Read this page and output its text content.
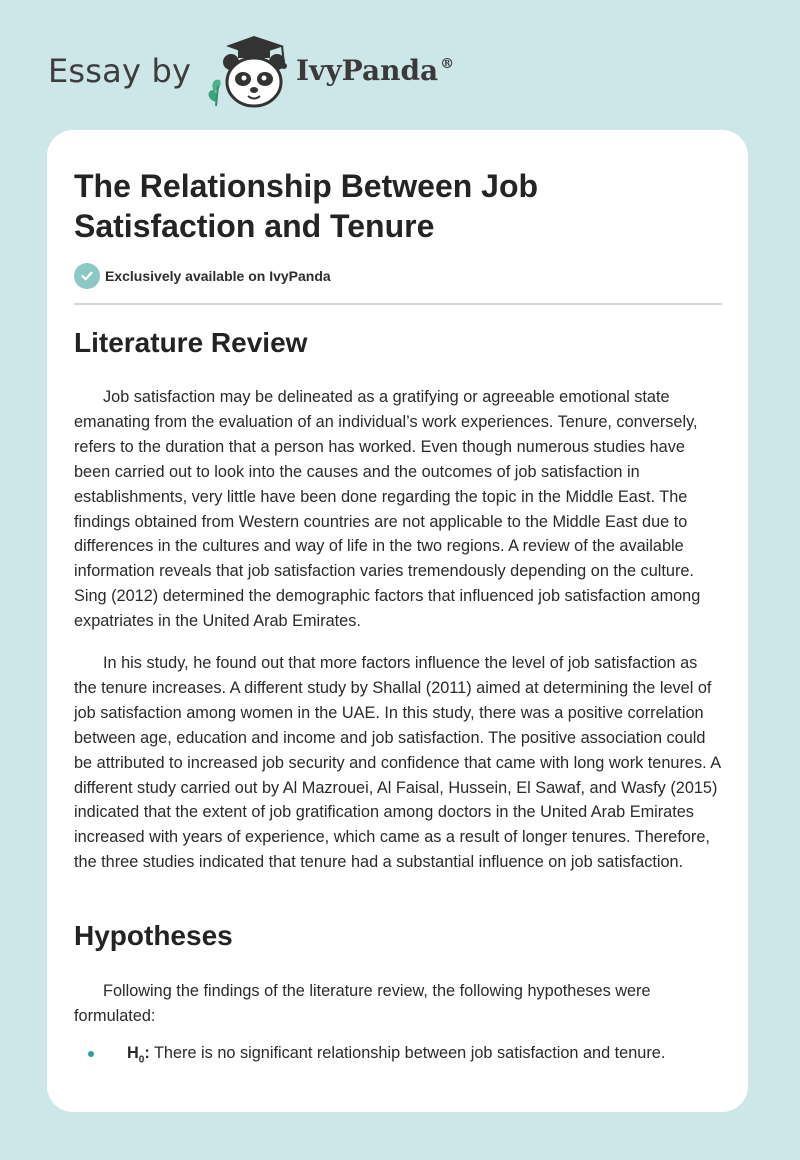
Essay by	IvyPanda ®
The Relationship Between Job Satisfaction and Tenure
Exclusively available on IvyPanda
Literature Review

Job satisfaction may be delineated as a gratifying or agreeable emotional state emanating from the evaluation of an individual’s work experiences. Tenure, conversely, refers to the duration that a person has worked. Even though numerous studies have been carried out to look into the causes and the outcomes of job satisfaction in establishments, very little have been done regarding the topic in the Middle East. The findings obtained from Western countries are not applicable to the Middle East due to differences in the cultures and way of life in the two regions. A review of the available information reveals that job satisfaction varies tremendously depending on the culture. Sing (2012) determined the demographic factors that influenced job satisfaction among expatriates in the United Arab Emirates.

In his study, he found out that more factors influence the level of job satisfaction as the tenure increases. A different study by Shallal (2011) aimed at determining the level of job satisfaction among women in the UAE. In this study, there was a positive correlation between age, education and income and job satisfaction. The positive association could be attributed to increased job security and confidence that came with long work tenures. A different study carried out by Al Mazrouei, Al Faisal, Hussein, El Sawaf, and Wasfy (2015) indicated that the extent of job gratification among doctors in the United Arab Emirates increased with years of experience, which came as a result of longer tenures. Therefore, the three studies indicated that tenure had a substantial influence on job satisfaction.

Hypotheses

Following the findings of the literature review, the following hypotheses were formulated:

$H_0$: There is no significant relationship between job satisfaction and tenure.
